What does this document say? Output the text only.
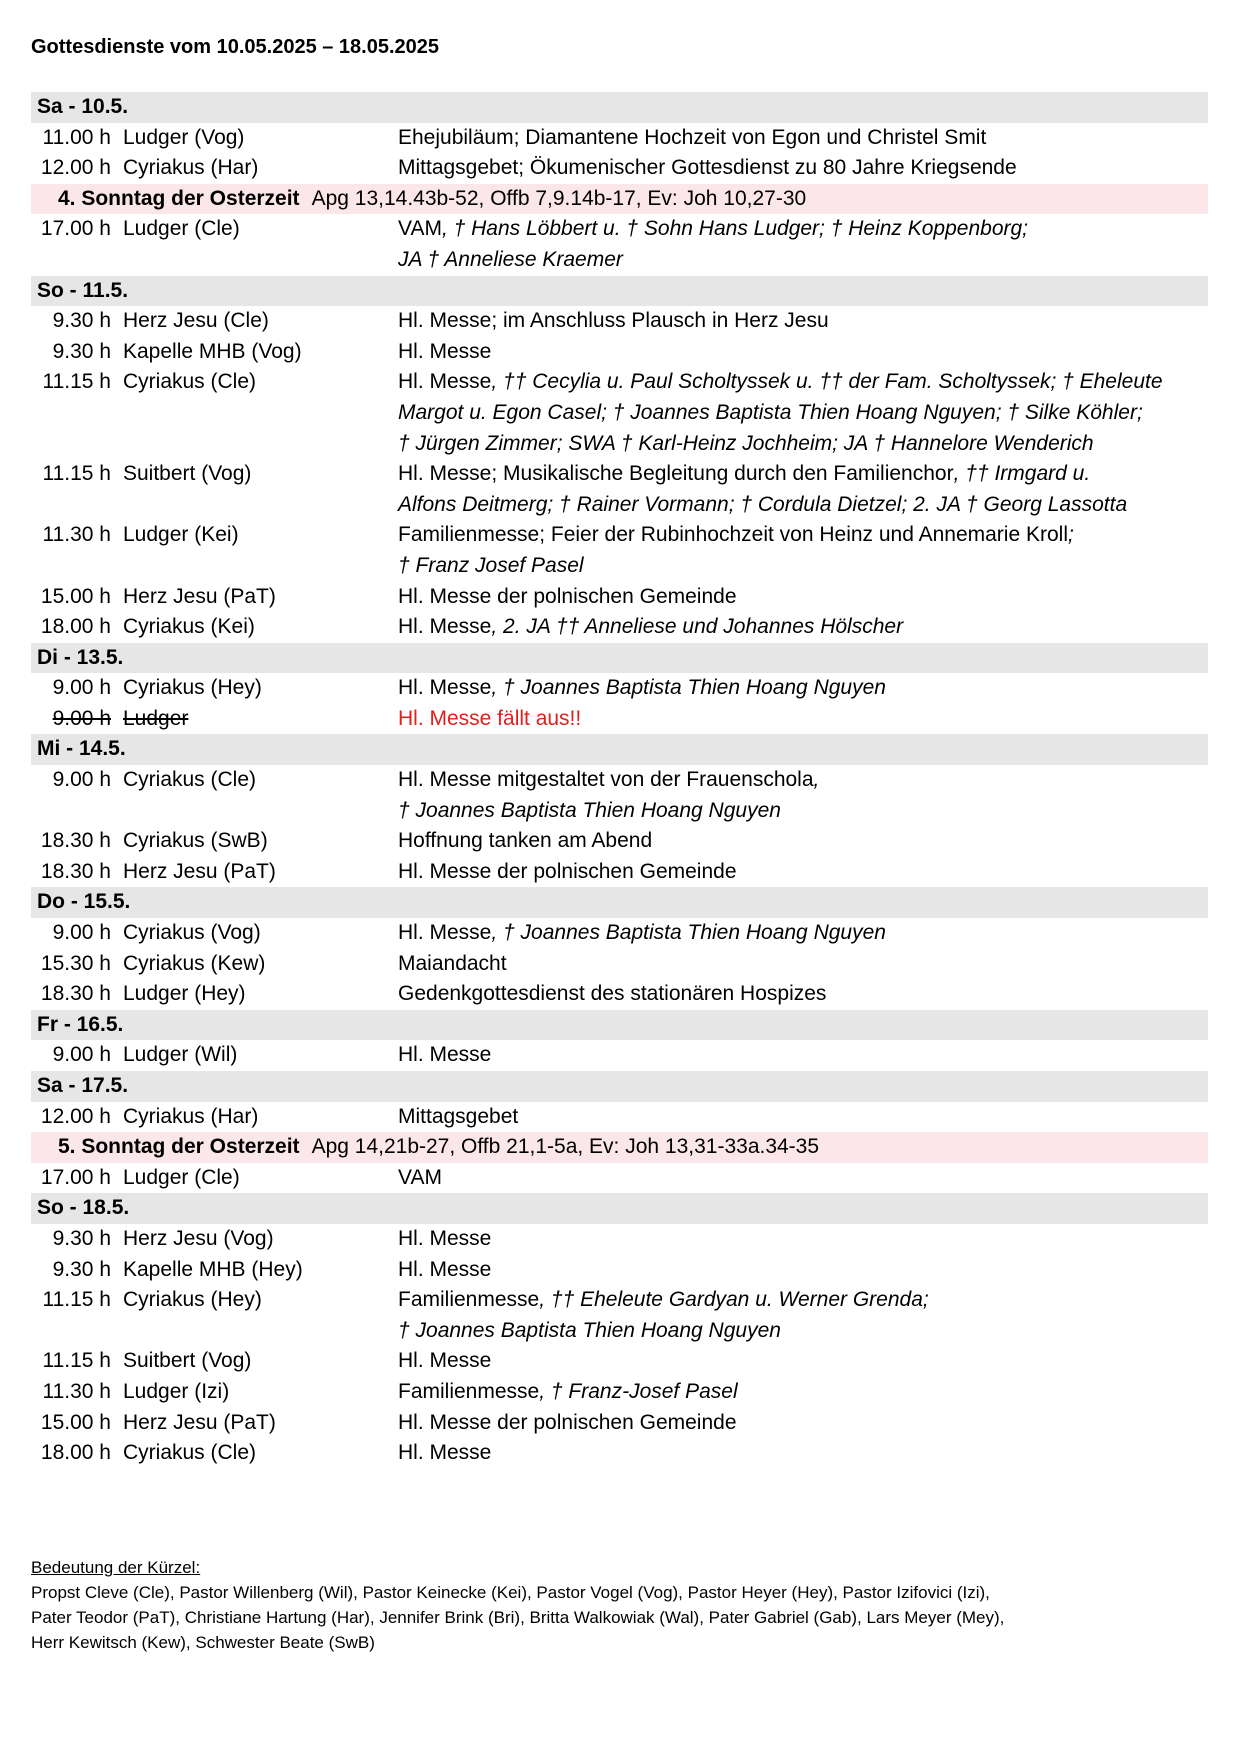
Gottesdienste vom 10.05.2025 – 18.05.2025
Sa - 10.5.
11.00 h Ludger (Vog)	Ehejubiläum; Diamantene Hochzeit von Egon und Christel Smit
12.00 h Cyriakus (Har)	Mittagsgebet; Ökumenischer Gottesdienst zu 80 Jahre Kriegsende
4. Sonntag der Osterzeit Apg 13,14.43b-52, Offb 7,9.14b-17, Ev: Joh 10,27-30
17.00 h Ludger (Cle)	VAM, † Hans Löbbert u. † Sohn Hans Ludger; † Heinz Koppenborg;
JA † Anneliese Kraemer
So - 11.5.
9.30 h Herz Jesu (Cle)	Hl. Messe; im Anschluss Plausch in Herz Jesu
9.30 h Kapelle MHB (Vog)	Hl. Messe
11.15 h Cyriakus (Cle)	Hl. Messe, †† Cecylia u. Paul Scholtyssek u. †† der Fam. Scholtyssek; † Eheleute
Margot u. Egon Casel; † Joannes Baptista Thien Hoang Nguyen; † Silke Köhler;
† Jürgen Zimmer; SWA † Karl-Heinz Jochheim; JA † Hannelore Wenderich
11.15 h Suitbert (Vog)	Hl. Messe; Musikalische Begleitung durch den Familienchor, †† Irmgard u.
Alfons Deitmerg; † Rainer Vormann; † Cordula Dietzel; 2. JA † Georg Lassotta
11.30 h Ludger (Kei)	Familienmesse; Feier der Rubinhochzeit von Heinz und Annemarie Kroll;
† Franz Josef Pasel
15.00 h Herz Jesu (PaT)	Hl. Messe der polnischen Gemeinde
18.00 h Cyriakus (Kei)	Hl. Messe, 2. JA †† Anneliese und Johannes Hölscher
Di - 13.5.
9.00 h Cyriakus (Hey)	Hl. Messe, † Joannes Baptista Thien Hoang Nguyen
9.00 h Ludger	Hl. Messe fällt aus!!
Mi - 14.5.
9.00 h Cyriakus (Cle)	Hl. Messe mitgestaltet von der Frauenschola,
† Joannes Baptista Thien Hoang Nguyen
18.30 h Cyriakus (SwB)	Hoffnung tanken am Abend
18.30 h Herz Jesu (PaT)	Hl. Messe der polnischen Gemeinde
Do - 15.5.
9.00 h Cyriakus (Vog)	Hl. Messe, † Joannes Baptista Thien Hoang Nguyen
15.30 h Cyriakus (Kew)	Maiandacht
18.30 h Ludger (Hey)	Gedenkgottesdienst des stationären Hospizes
Fr - 16.5.
9.00 h Ludger (Wil)	Hl. Messe
Sa - 17.5.
12.00 h Cyriakus (Har)	Mittagsgebet
5. Sonntag der Osterzeit Apg 14,21b-27, Offb 21,1-5a, Ev: Joh 13,31-33a.34-35
17.00 h Ludger (Cle)	VAM
So - 18.5.
9.30 h Herz Jesu (Vog)	Hl. Messe
9.30 h Kapelle MHB (Hey)	Hl. Messe
11.15 h Cyriakus (Hey)	Familienmesse, †† Eheleute Gardyan u. Werner Grenda;
† Joannes Baptista Thien Hoang Nguyen
11.15 h Suitbert (Vog)	Hl. Messe
11.30 h Ludger (Izi)	Familienmesse, † Franz-Josef Pasel
15.00 h Herz Jesu (PaT)	Hl. Messe der polnischen Gemeinde
18.00 h Cyriakus (Cle)	Hl. Messe
Bedeutung der Kürzel:
Propst Cleve (Cle), Pastor Willenberg (Wil), Pastor Keinecke (Kei), Pastor Vogel (Vog), Pastor Heyer (Hey), Pastor Izifovici (Izi),
Pater Teodor (PaT), Christiane Hartung (Har), Jennifer Brink (Bri), Britta Walkowiak (Wal), Pater Gabriel (Gab), Lars Meyer (Mey),
Herr Kewitsch (Kew), Schwester Beate (SwB)
